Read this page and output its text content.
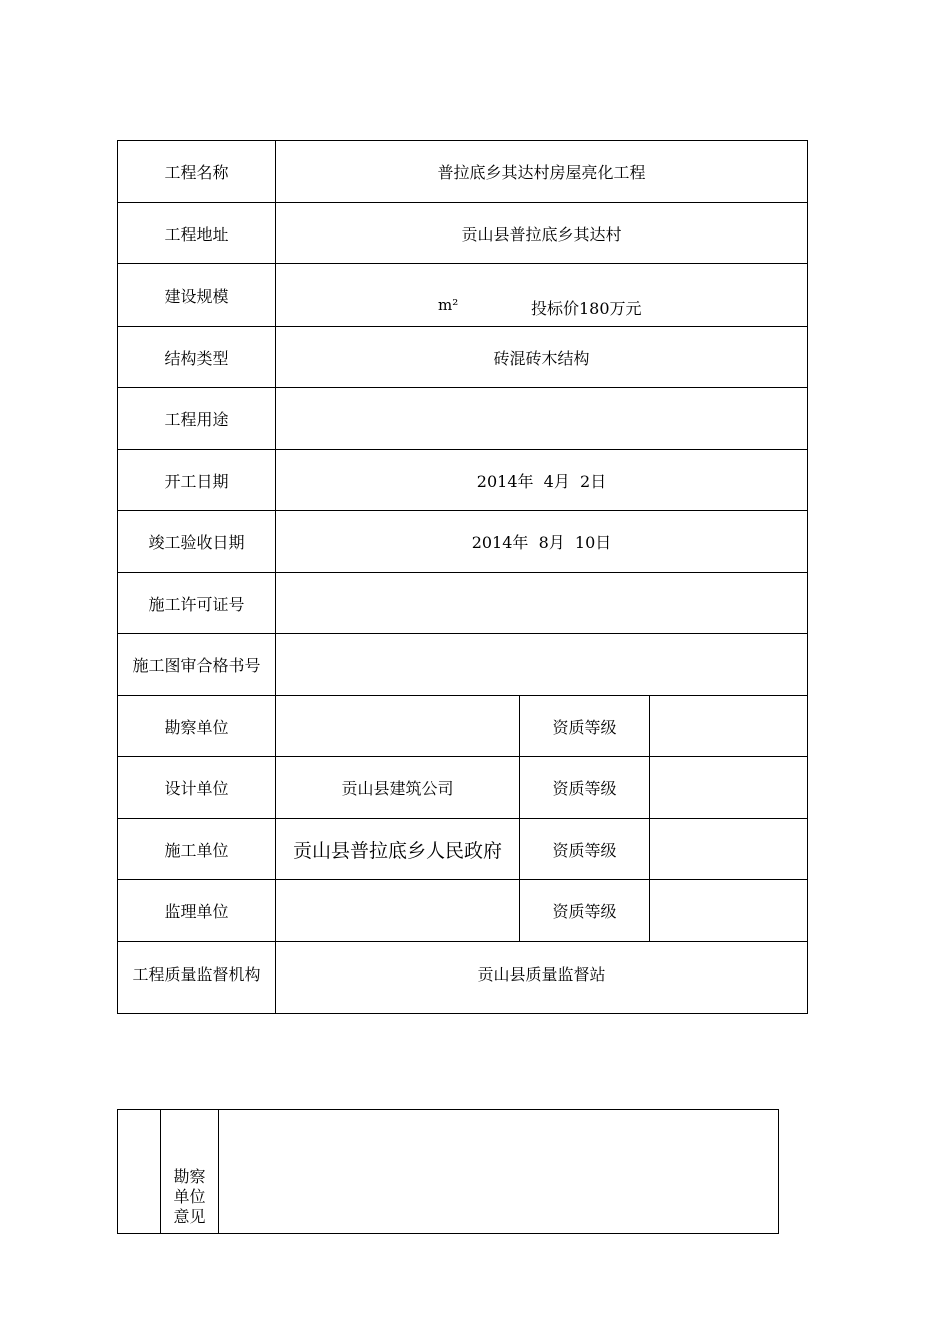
工程名称	普拉底乡其达村房屋亮化工程		
工程地址	贡山县普拉底乡其达村		
建设规模	m² 投标价180万元		

结构类型	砖混砖木结构		
工程用途			
开工日期	2014年  4月  2日		
竣工验收日期	2014年  8月  10日		
施工许可证号			
施工图审合格书号			
勘察单位		资质等级	
设计单位	贡山县建筑公司	资质等级	
施工单位	贡山县普拉底乡人民政府	资质等级	
监理单位		资质等级	
工程质量监督机构	贡山县质量监督站		

勘察
单位
意见
